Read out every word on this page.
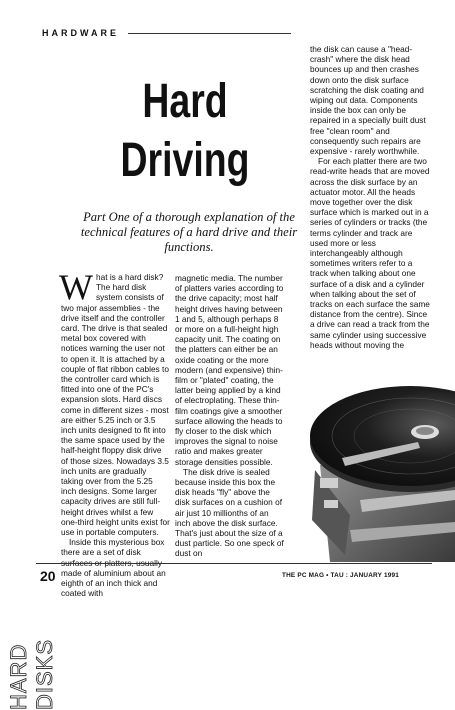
HARDWARE
Hard
Driving
Part One of a thorough explanation of the technical features of a hard drive and their functions.
W hat is a hard disk? The hard disk system consists of two major assemblies - the drive itself and the controller card. The drive is that sealed metal box covered with notices warning the user not to open it. It is attached by a couple of flat ribbon cables to the controller card which is fitted into one of the PC's expansion slots. Hard discs come in different sizes - most are either 5.25 inch or 3.5 inch units designed to fit into the same space used by the half-height floppy disk drive of those sizes. Nowadays 3.5 inch units are gradually taking over from the 5.25 inch designs. Some larger capacity drives are still full-height drives whilst a few one-third height units exist for use in portable computers.

Inside this mysterious box there are a set of disk made of aluminium about an eighth of an inch thick and coated with

magnetic media. The number of platters varies according to the drive capacity; most half height drives having between 1 and 5, although perhaps 8 or more on a full-height high capacity unit. The coating on the platters can either be an oxide coating or the more modern (and expensive) thin-film or "plated" coating, the latter being applied by a kind of electroplating. These thin-film coatings give a smoother surface allowing the heads to fly closer to the disk which improves the signal to noise ratio and makes greater storage densities possible.

The disk drive is sealed because inside this box the disk heads "fly" above the disk surfaces on a cushion of air just 10 millionths of an inch above the disk surface. That's just about the size of a dust particle. So one speck of dust on

the disk can cause a "head-crash" where the disk head bounces up and then crashes down onto the disk surface scratching the disk coating and wiping out data. Components inside the box can only be repaired in a specially built dust free "clean room" and consequently such repairs are expensive - rarely worthwhile.

For each platter there are two read-write heads that are moved across the disk surface by an actuator motor. All the heads move together over the disk surface which is marked out in a series of cylinders or tracks (the terms cylinder and track are used more or less interchangeably although sometimes writers refer to a track when talking about one surface of a disk and a cylinder when talking about the set of tracks on each surface the same distance from the centre). Since a drive can read a track from the same cylinder using successive heads without moving the

HARD DISKS
20	THE PC MAG • TAU : JANUARY 1991
